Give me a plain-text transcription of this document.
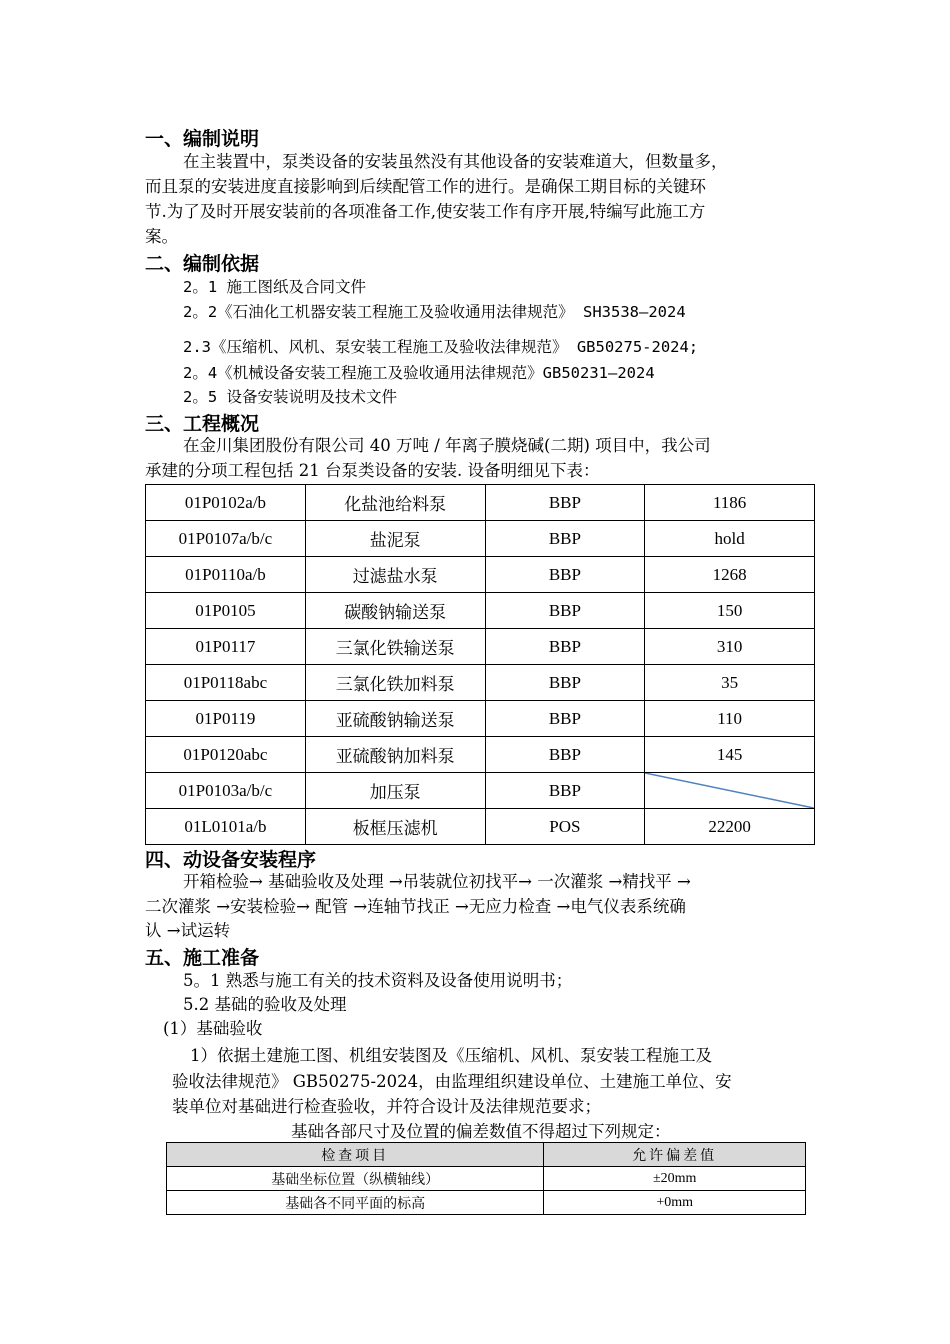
一、编制说明
在主装置中，泵类设备的安装虽然没有其他设备的安装难道大，但数量多，
而且泵的安装进度直接影响到后续配管工作的进行。是确保工期目标的关键环
节.为了及时开展安装前的各项准备工作,使安装工作有序开展,特编写此施工方
案。
二、编制依据
2。1 施工图纸及合同文件
2。2《石油化工机器安装工程施工及验收通用法律规范》 SH3538—2024
2.3《压缩机、风机、泵安装工程施工及验收法律规范》 GB50275-2024;
2。4《机械设备安装工程施工及验收通用法律规范》GB50231—2024
2。5 设备安装说明及技术文件
三、工程概况
在金川集团股份有限公司 40 万吨 / 年离子膜烧碱(二期) 项目中，我公司
承建的分项工程包括 21 台泵类设备的安装. 设备明细见下表：
01P0102a/b	化盐池给料泵	BBP	1186
01P0107a/b/c	盐泥泵	BBP	hold
01P0110a/b	过滤盐水泵	BBP	1268
01P0105	碳酸钠输送泵	BBP	150
01P0117	三氯化铁输送泵	BBP	310
01P0118abc	三氯化铁加料泵	BBP	35
01P0119	亚硫酸钠输送泵	BBP	110
01P0120abc	亚硫酸钠加料泵	BBP	145
01P0103a/b/c	加压泵	BBP	

01L0101a/b	板框压滤机	POS	22200
四、动设备安装程序
开箱检验→ 基础验收及处理 →吊装就位初找平→ 一次灌浆 →精找平 →
二次灌浆 →安装检验→ 配管 →连轴节找正 →无应力检查 →电气仪表系统确
认 →试运转
五、施工准备
5。1 熟悉与施工有关的技术资料及设备使用说明书；
5.2 基础的验收及处理
(1）基础验收
1）依据土建施工图、机组安装图及《压缩机、风机、泵安装工程施工及
验收法律规范》 GB50275-2024，由监理组织建设单位、土建施工单位、安
装单位对基础进行检查验收，并符合设计及法律规范要求；
基础各部尺寸及位置的偏差数值不得超过下列规定：
检查项目	允许偏差值
基础坐标位置（纵横轴线）	±20mm
基础各不同平面的标高	+0mm
